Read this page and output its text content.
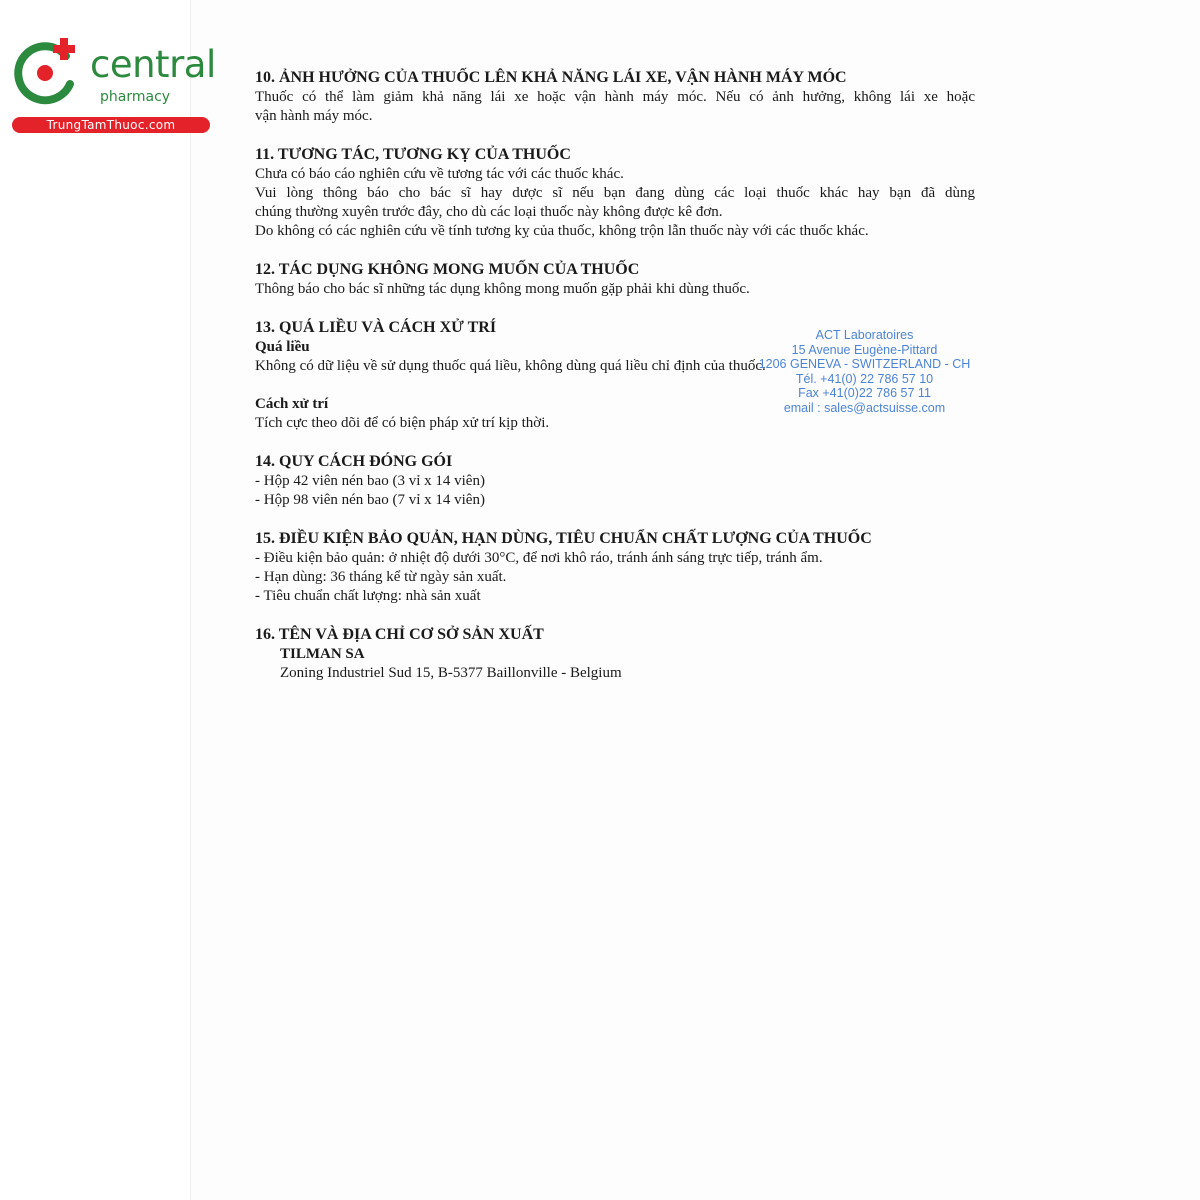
central
pharmacy
TrungTamThuoc.com
10. ẢNH HƯỞNG CỦA THUỐC LÊN KHẢ NĂNG LÁI XE, VẬN HÀNH MÁY MÓC
Thuốc có thể làm giảm khả năng lái xe hoặc vận hành máy móc. Nếu có ảnh hưởng, không lái xe hoặc
vận hành máy móc.
11. TƯƠNG TÁC, TƯƠNG KỴ CỦA THUỐC
Chưa có báo cáo nghiên cứu về tương tác với các thuốc khác.
Vui lòng thông báo cho bác sĩ hay dược sĩ nếu bạn đang dùng các loại thuốc khác hay bạn đã dùng
chúng thường xuyên trước đây, cho dù các loại thuốc này không được kê đơn.
Do không có các nghiên cứu về tính tương kỵ của thuốc, không trộn lẫn thuốc này với các thuốc khác.
12. TÁC DỤNG KHÔNG MONG MUỐN CỦA THUỐC
Thông báo cho bác sĩ những tác dụng không mong muốn gặp phải khi dùng thuốc.
13. QUÁ LIỀU VÀ CÁCH XỬ TRÍ
Quá liều
Không có dữ liệu về sử dụng thuốc quá liều, không dùng quá liều chỉ định của thuốc.
Cách xử trí
Tích cực theo dõi để có biện pháp xử trí kịp thời.
14. QUY CÁCH ĐÓNG GÓI
- Hộp 42 viên nén bao (3 vỉ x 14 viên)
- Hộp 98 viên nén bao (7 vỉ x 14 viên)
15. ĐIỀU KIỆN BẢO QUẢN, HẠN DÙNG, TIÊU CHUẨN CHẤT LƯỢNG CỦA THUỐC
- Điều kiện bảo quản: ở nhiệt độ dưới 30°C, để nơi khô ráo, tránh ánh sáng trực tiếp, tránh ẩm.
- Hạn dùng: 36 tháng kể từ ngày sản xuất.
- Tiêu chuẩn chất lượng: nhà sản xuất
16. TÊN VÀ ĐỊA CHỈ CƠ SỞ SẢN XUẤT
TILMAN SA
Zoning Industriel Sud 15, B-5377 Baillonville - Belgium
ACT Laboratoires
15 Avenue Eugène-Pittard
1206 GENEVA - SWITZERLAND - CH
Tél. +41(0) 22 786 57 10
Fax +41(0)22 786 57 11
email : sales@actsuisse.com
